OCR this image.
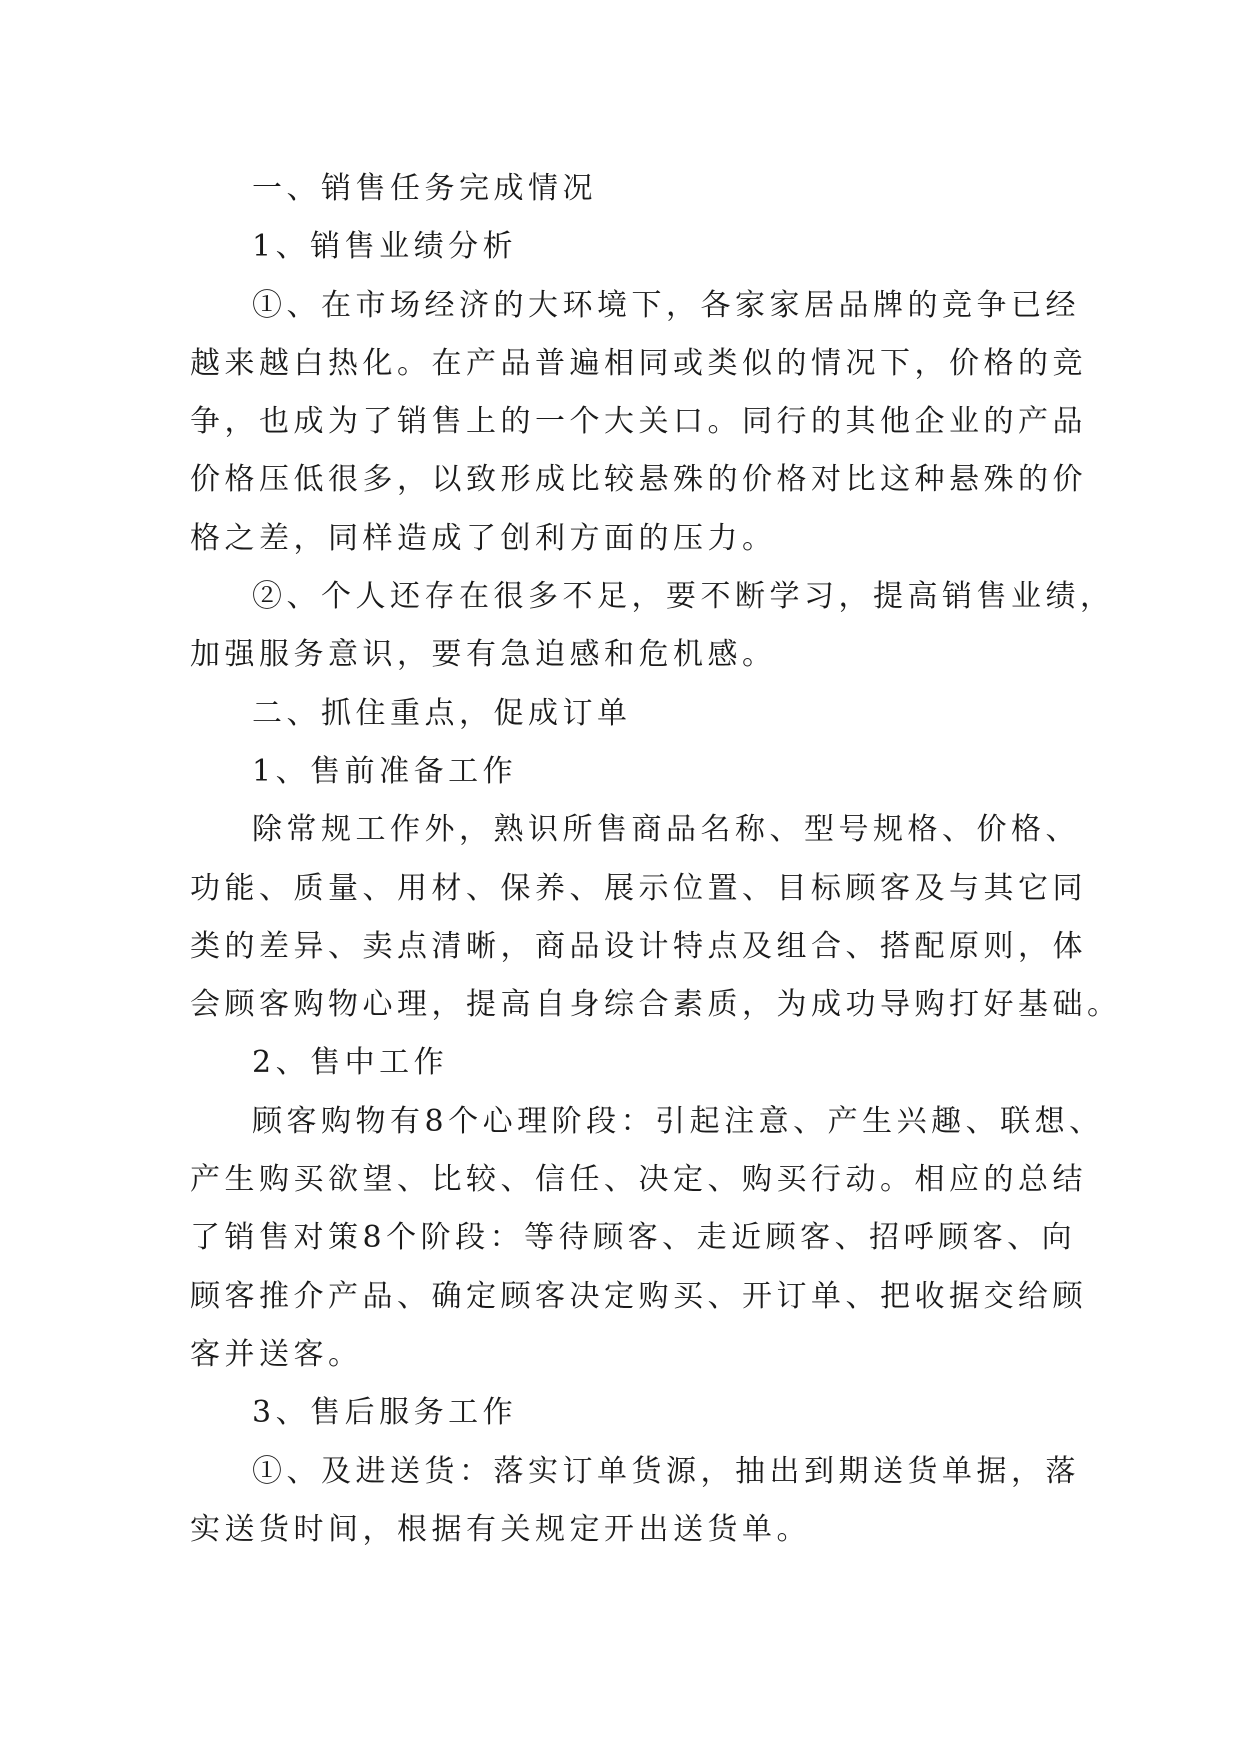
一、销售任务完成情况

1、销售业绩分析

①、在市场经济的大环境下，各家家居品牌的竞争已经

越来越白热化。在产品普遍相同或类似的情况下，价格的竞

争，也成为了销售上的一个大关口。同行的其他企业的产品

价格压低很多，以致形成比较悬殊的价格对比这种悬殊的价

格之差，同样造成了创利方面的压力。

②、个人还存在很多不足，要不断学习，提高销售业绩，

加强服务意识，要有急迫感和危机感。

二、抓住重点，促成订单

1、售前准备工作

除常规工作外，熟识所售商品名称、型号规格、价格、

功能、质量、用材、保养、展示位置、目标顾客及与其它同

类的差异、卖点清晰，商品设计特点及组合、搭配原则，体

会顾客购物心理，提高自身综合素质，为成功导购打好基础。

2、售中工作

顾客购物有8个心理阶段：引起注意、产生兴趣、联想、

产生购买欲望、比较、信任、决定、购买行动。相应的总结

了销售对策8个阶段：等待顾客、走近顾客、招呼顾客、向

顾客推介产品、确定顾客决定购买、开订单、把收据交给顾

客并送客。

3、售后服务工作

①、及进送货：落实订单货源，抽出到期送货单据，落

实送货时间，根据有关规定开出送货单。
